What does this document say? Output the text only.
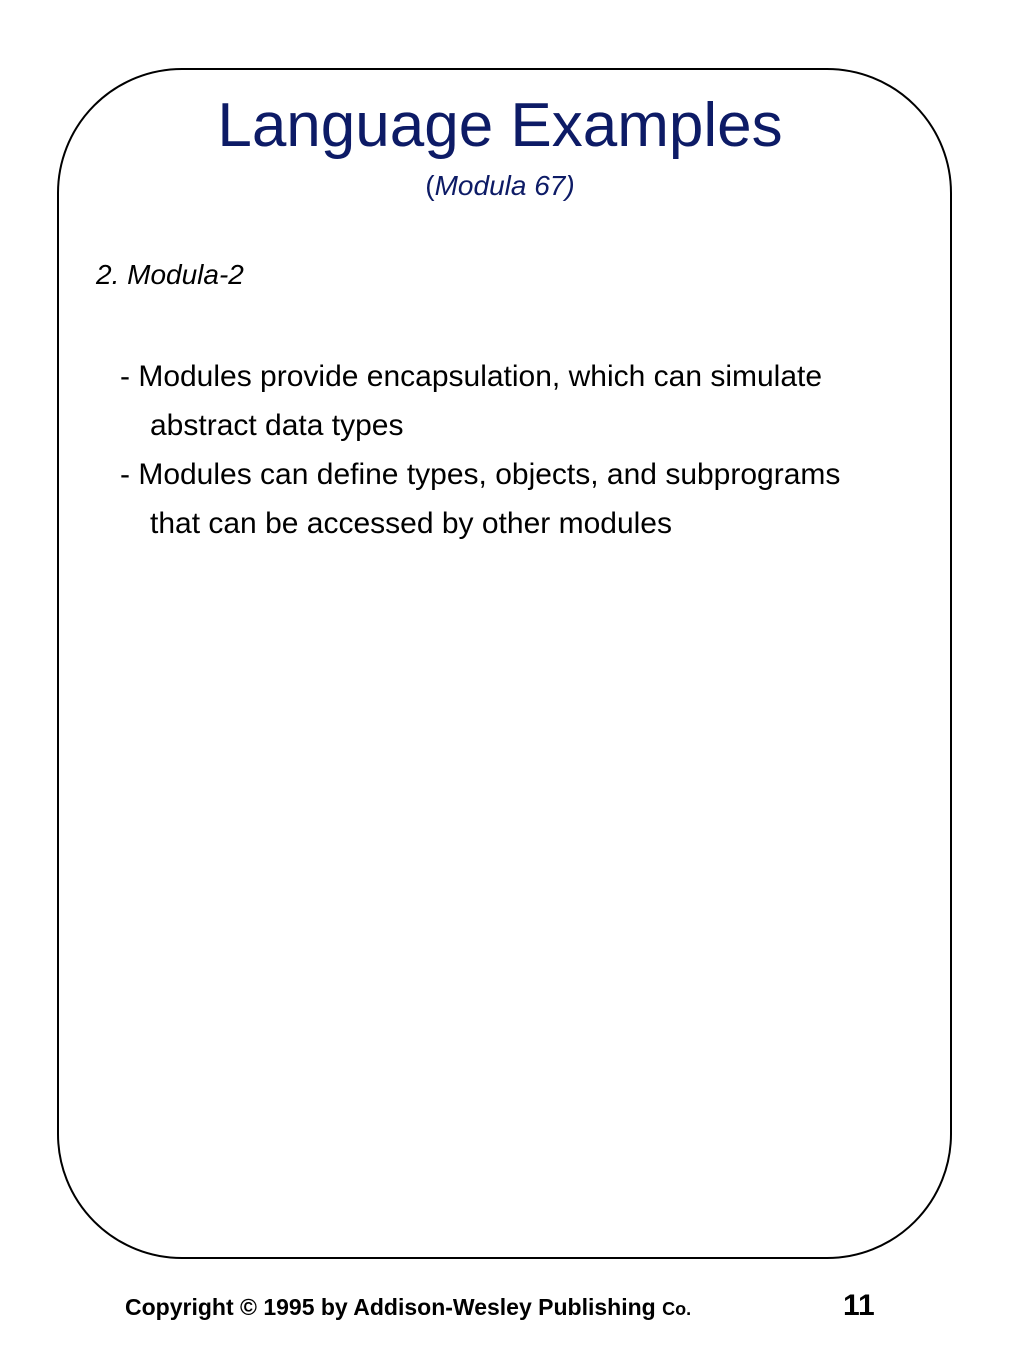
Language Examples
(Modula 67)
2. Modula-2
- Modules provide encapsulation, which can simulate abstract data types
- Modules can define types, objects, and subprograms that can be accessed by other modules
Copyright © 1995 by Addison-Wesley Publishing Co.	11
